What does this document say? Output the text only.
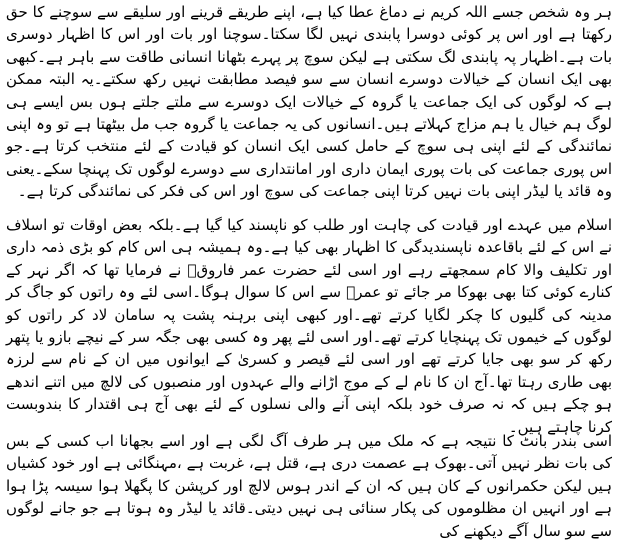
ہر وہ شخص جسے اللہ کریم نے دماغ عطا کیا ہے، اپنے طریقے قرینے اور سلیقے سے سوچنے کا حق رکھتا ہے اور اس پر کوئی دوسرا پابندی نہیں لگا سکتا۔سوچنا اور بات اور اس کا اظہار دوسری بات ہے۔اظہار پہ پابندی لگ سکتی ہے لیکن سوچ پر پہرے بٹھانا انسانی طاقت سے باہر ہے۔کبھی بھی ایک انسان کے خیالات دوسرے انسان سے سو فیصد مطابقت نہیں رکھ سکتے۔یہ البتہ ممکن ہے کہ لوگوں کی ایک جماعت یا گروہ کے خیالات ایک دوسرے سے ملتے جلتے ہوں بس ایسے ہی لوگ ہم خیال یا ہم مزاج کہلاتے ہیں۔انسانوں کی یہ جماعت یا گروہ جب مل بیٹھتا ہے تو وہ اپنی نمائندگی کے لئے اپنی ہی سوچ کے حامل کسی ایک انسان کو قیادت کے لئے منتخب کرتا ہے۔جو اس پوری جماعت کی بات پوری ایمان داری اور امانتداری سے دوسرے لوگوں تک پہنچا سکے۔یعنی وہ قائد یا لیڈر اپنی بات نہیں کرتا اپنی جماعت کی سوچ اور اس کی فکر کی نمائندگی کرتا ہے۔

اسلام میں عہدے اور قیادت کی چاہت اور طلب کو ناپسند کیا گیا ہے۔بلکہ بعض اوقات تو اسلاف نے اس کے لئے باقاعدہ ناپسندیدگی کا اظہار بھی کیا ہے۔وہ ہمیشہ ہی اس کام کو بڑی ذمہ داری اور تکلیف والا کام سمجھتے رہے اور اسی لئے حضرت عمر فاروقؓ نے فرمایا تھا کہ اگر نہر کے کنارے کوئی کتا بھی بھوکا مر جائے تو عمرؓ سے اس کا سوال ہوگا۔اسی لئے وہ راتوں کو جاگ کر مدینہ کی گلیوں کا چکر لگایا کرتے تھے۔اور کبھی اپنی برہنہ پشت پہ سامان لاد کر راتوں کو لوگوں کے خیموں تک پہنچایا کرتے تھے۔اور اسی لئے پھر وہ کسی بھی جگہ سر کے نیچے بازو یا پتھر رکھ کر سو بھی جایا کرتے تھے اور اسی لئے قیصر و کسریٰ کے ایوانوں میں ان کے نام سے لرزہ بھی طاری رہتا تھا۔آج ان کا نام لے کے موج اڑانے والے عہدوں اور منصبوں کی لالچ میں اتنے اندھے ہو چکے ہیں کہ نہ صرف خود بلکہ اپنی آنے والی نسلوں کے لئے بھی آج ہی اقتدار کا بندوبست کرنا چاہتے ہیں۔

اسی بندر بانٹ کا نتیجہ ہے کہ ملک میں ہر طرف آگ لگی ہے اور اسے بجھانا اب کسی کے بس کی بات نظر نہیں آتی۔بھوک ہے عصمت دری ہے، قتل ہے، غربت ہے ،مہنگائی ہے اور خود کشیاں ہیں لیکن حکمرانوں کے کان ہیں کہ ان کے اندر ہوس لالچ اور کرپشن کا پگھلا ہوا سیسہ پڑا ہوا ہے اور انہیں ان مظلوموں کی پکار سنائی ہی نہیں دیتی۔قائد یا لیڈر وہ ہوتا ہے جو جانے لوگوں سے سو سال آگے دیکھنے کی
